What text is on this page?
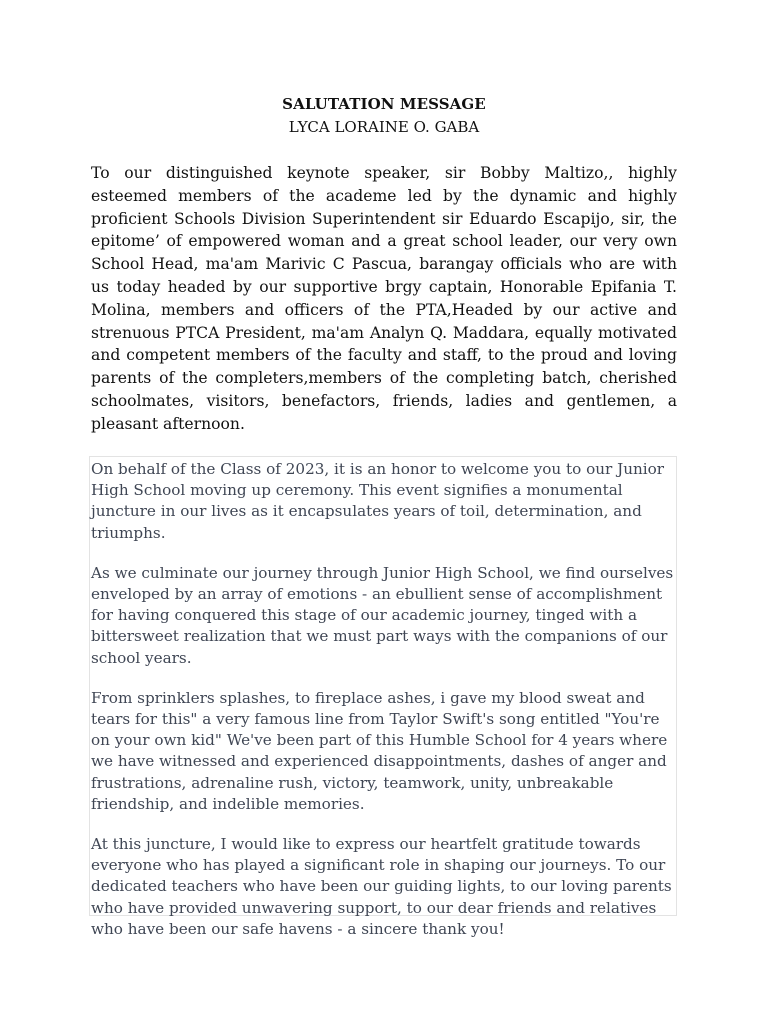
SALUTATION MESSAGE
LYCA LORAINE O. GABA

To our distinguished keynote speaker, sir Bobby Maltizo,, highly esteemed members of the academe led by the dynamic and highly proficient Schools Division Superintendent sir Eduardo Escapijo, sir, the epitome’ of empowered woman and a great school leader, our very own School Head, ma'am Marivic C Pascua, barangay officials who are with us today headed by our supportive brgy captain, Honorable Epifania T. Molina, members and officers of the PTA,Headed by our active and strenuous PTCA President, ma'am Analyn Q. Maddara, equally motivated and competent members of the faculty and staff, to the proud and loving parents of the completers,members of the completing batch, cherished schoolmates, visitors, benefactors, friends, ladies and gentlemen, a pleasant afternoon.

On behalf of the Class of 2023, it is an honor to welcome you to our Junior High School moving up ceremony. This event signifies a monumental juncture in our lives as it encapsulates years of toil, determination, and triumphs.

As we culminate our journey through Junior High School, we find ourselves enveloped by an array of emotions - an ebullient sense of accomplishment for having conquered this stage of our academic journey, tinged with a bittersweet realization that we must part ways with the companions of our school years.

From sprinklers splashes, to fireplace ashes, i gave my blood sweat and tears for this" a very famous line from Taylor Swift's song entitled "You're on your own kid" We've been part of this Humble School for 4 years where we have witnessed and experienced disappointments, dashes of anger and frustrations, adrenaline rush, victory, teamwork, unity, unbreakable friendship, and indelible memories.

At this juncture, I would like to express our heartfelt gratitude towards everyone who has played a significant role in shaping our journeys. To our dedicated teachers who have been our guiding lights, to our loving parents who have provided unwavering support, to our dear friends and relatives who have been our safe havens - a sincere thank you!
